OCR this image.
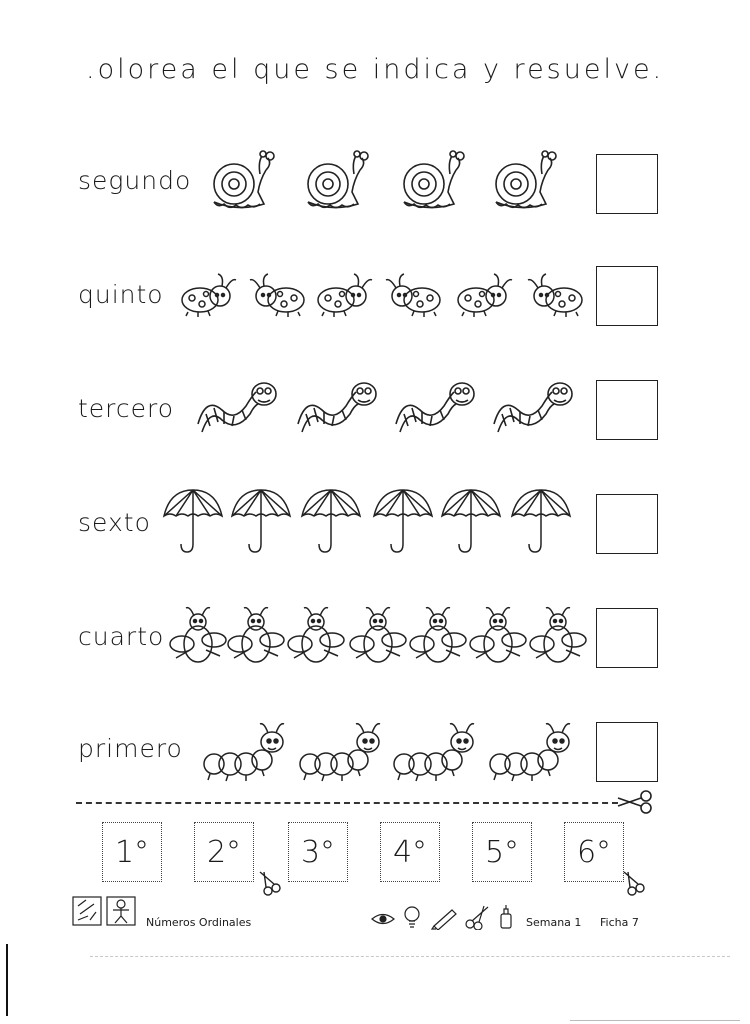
.olorea el que se indica y resuelve.
segundo
quinto
tercero
sexto
cuarto
primero
1°	2°	3°	4°	5°	6°
Números Ordinales	Semana 1 Ficha 7
